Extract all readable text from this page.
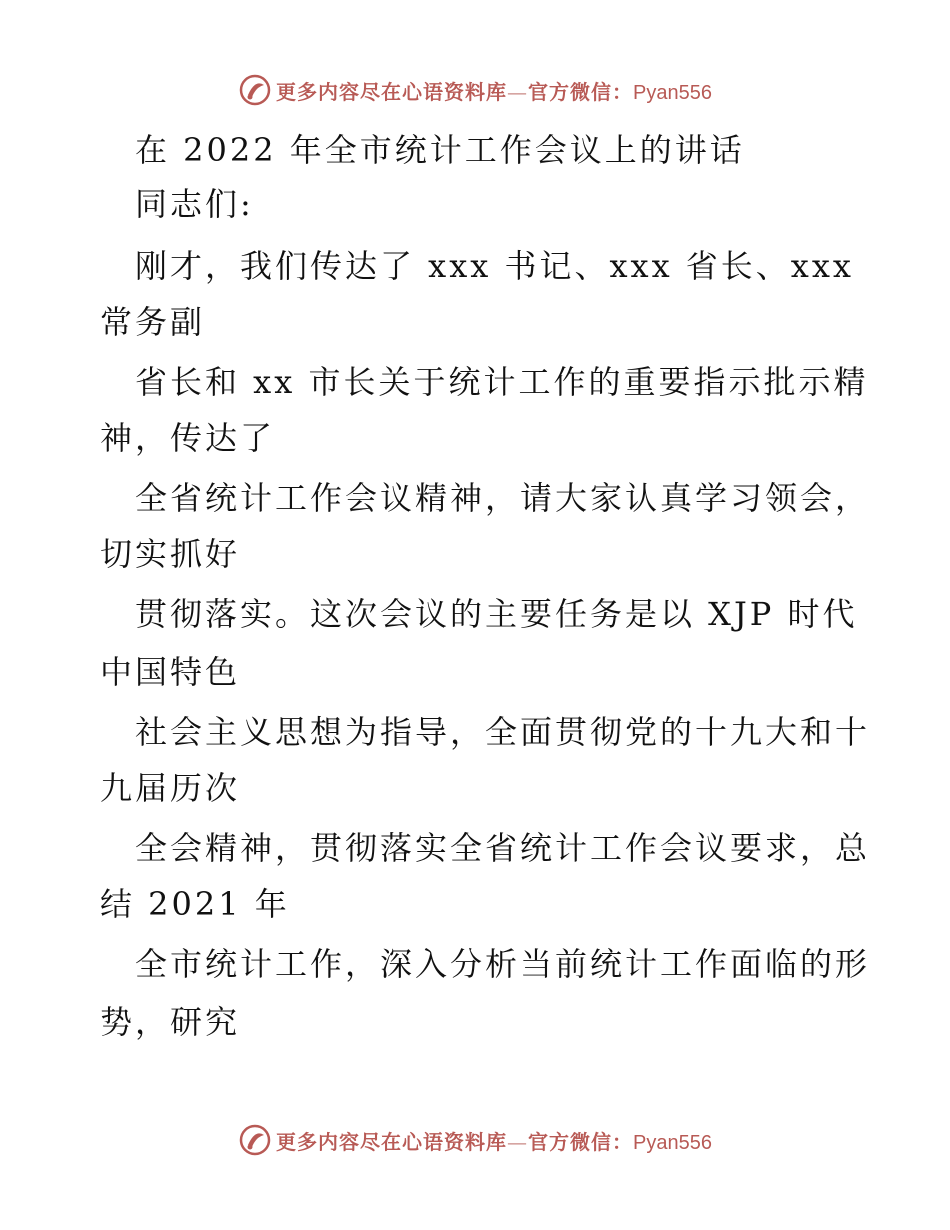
更多内容尽在心语资料库—官方微信：Pyan556
在 2022 年全市统计工作会议上的讲话
同志们:
刚才，我们传达了 xxx 书记、xxx 省长、xxx
常务副
省长和 xx 市长关于统计工作的重要指示批示精
神，传达了
全省统计工作会议精神，请大家认真学习领会，
切实抓好
贯彻落实。这次会议的主要任务是以 XJP 时代
中国特色
社会主义思想为指导，全面贯彻党的十九大和十
九届历次
全会精神，贯彻落实全省统计工作会议要求，总
结 2021 年
全市统计工作，深入分析当前统计工作面临的形
势，研究
更多内容尽在心语资料库—官方微信：Pyan556
